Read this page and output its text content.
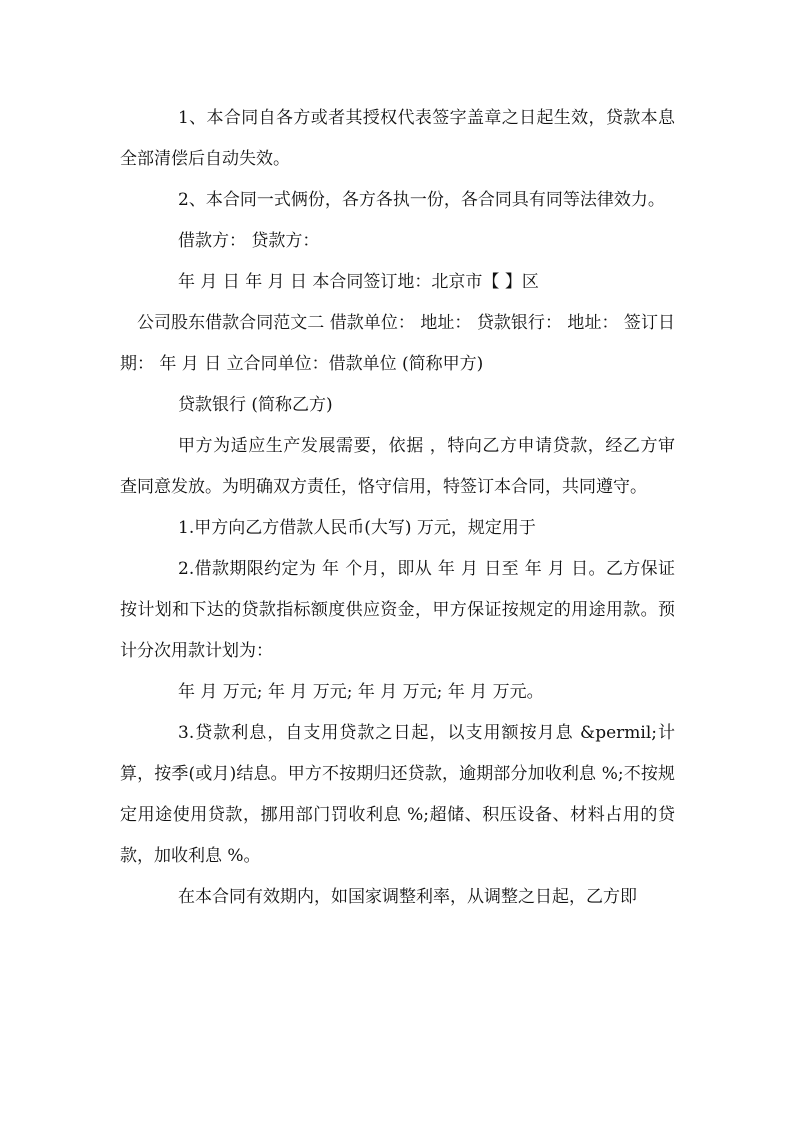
1、本合同自各方或者其授权代表签字盖章之日起生效，贷款本息全部清偿后自动失效。

2、本合同一式俩份，各方各执一份，各合同具有同等法律效力。

借款方： 贷款方：

年 月 日 年 月 日 本合同签订地：北京市【 】区

公司股东借款合同范文二 借款单位： 地址： 贷款银行： 地址： 签订日期： 年 月 日 立合同单位：借款单位 (简称甲方)

贷款银行 (简称乙方)

甲方为适应生产发展需要，依据 ，特向乙方申请贷款，经乙方审查同意发放。为明确双方责任，恪守信用，特签订本合同，共同遵守。

1.甲方向乙方借款人民币(大写) 万元，规定用于

2.借款期限约定为 年 个月，即从 年 月 日至 年 月 日。乙方保证按计划和下达的贷款指标额度供应资金，甲方保证按规定的用途用款。预计分次用款计划为：

年 月 万元; 年 月 万元; 年 月 万元; 年 月 万元。

3.贷款利息，自支用贷款之日起，以支用额按月息 &permil;计算，按季(或月)结息。甲方不按期归还贷款，逾期部分加收利息 %;不按规定用途使用贷款，挪用部门罚收利息 %;超储、积压设备、材料占用的贷款，加收利息 %。

在本合同有效期内，如国家调整利率，从调整之日起，乙方即
